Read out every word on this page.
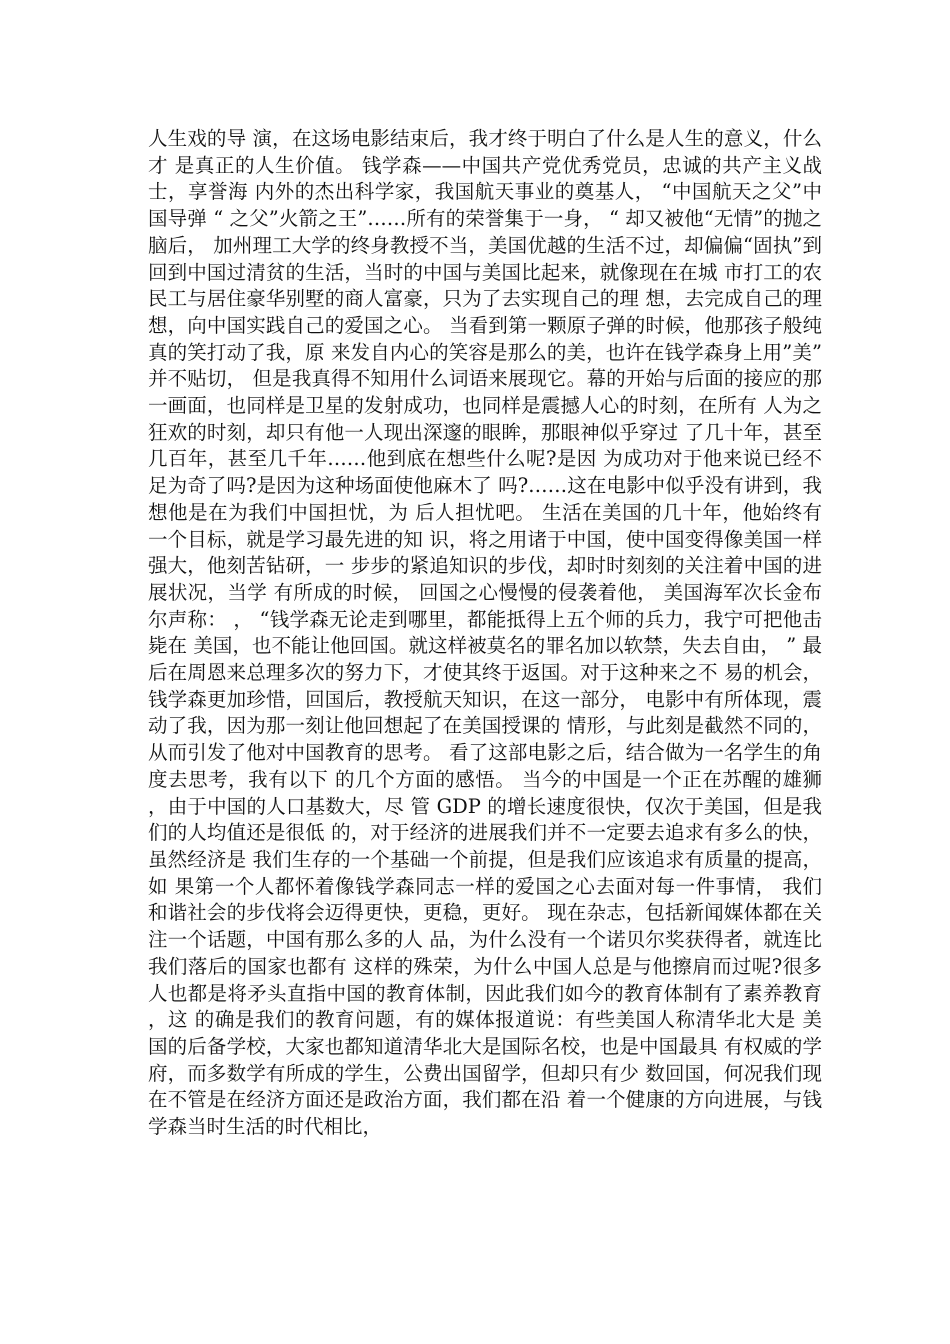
人生戏的导 演，在这场电影结束后，我才终于明白了什么是人生的意义，什么才 是真正的人生价值。 钱学森——中国共产党优秀党员，忠诚的共产主义战士，享誉海 内外的杰出科学家，我国航天事业的奠基人， “中国航天之父”中国导弹 “ 之父”火箭之王”……所有的荣誉集于一身， “ 却又被他“无情”的抛之脑后， 加州理工大学的终身教授不当，美国优越的生活不过，却偏偏“固执”到回到中国过清贫的生活，当时的中国与美国比起来，就像现在在城 市打工的农民工与居住豪华别墅的商人富豪，只为了去实现自己的理 想，去完成自己的理想，向中国实践自己的爱国之心。 当看到第一颗原子弹的时候，他那孩子般纯真的笑打动了我，原 来发自内心的笑容是那么的美，也许在钱学森身上用”美”并不贴切， 但是我真得不知用什么词语来展现它。幕的开始与后面的接应的那一画面，也同样是卫星的发射成功，也同样是震撼人心的时刻，在所有 人为之狂欢的时刻，却只有他一人现出深邃的眼眸，那眼神似乎穿过 了几十年，甚至几百年，甚至几千年……他到底在想些什么呢?是因 为成功对于他来说已经不足为奇了吗?是因为这种场面使他麻木了 吗?……这在电影中似乎没有讲到，我想他是在为我们中国担忧，为 后人担忧吧。 生活在美国的几十年，他始终有一个目标，就是学习最先进的知 识，将之用诸于中国，使中国变得像美国一样强大，他刻苦钻研，一 步步的紧追知识的步伐，却时时刻刻的关注着中国的进展状况，当学 有所成的时候， 回国之心慢慢的侵袭着他， 美国海军次长金布尔声称： ， “钱学森无论走到哪里，都能抵得上五个师的兵力，我宁可把他击毙在 美国，也不能让他回国。就这样被莫名的罪名加以软禁，失去自由， ” 最后在周恩来总理多次的努力下，才使其终于返国。对于这种来之不 易的机会，钱学森更加珍惜，回国后，教授航天知识，在这一部分， 电影中有所体现，震动了我，因为那一刻让他回想起了在美国授课的 情形，与此刻是截然不同的，从而引发了他对中国教育的思考。 看了这部电影之后，结合做为一名学生的角度去思考，我有以下 的几个方面的感悟。 当今的中国是一个正在苏醒的雄狮，由于中国的人口基数大，尽 管 GDP 的增长速度很快，仅次于美国，但是我们的人均值还是很低 的，对于经济的进展我们并不一定要去追求有多么的快，虽然经济是 我们生存的一个基础一个前提，但是我们应该追求有质量的提高，如 果第一个人都怀着像钱学森同志一样的爱国之心去面对每一件事情， 我们和谐社会的步伐将会迈得更快，更稳，更好。 现在杂志，包括新闻媒体都在关注一个话题，中国有那么多的人 品，为什么没有一个诺贝尔奖获得者，就连比我们落后的国家也都有 这样的殊荣，为什么中国人总是与他擦肩而过呢?很多人也都是将矛头直指中国的教育体制，因此我们如今的教育体制有了素养教育，这 的确是我们的教育问题，有的媒体报道说：有些美国人称清华北大是 美国的后备学校，大家也都知道清华北大是国际名校，也是中国最具 有权威的学府，而多数学有所成的学生，公费出国留学，但却只有少 数回国，何况我们现在不管是在经济方面还是政治方面，我们都在沿 着一个健康的方向进展，与钱学森当时生活的时代相比，
